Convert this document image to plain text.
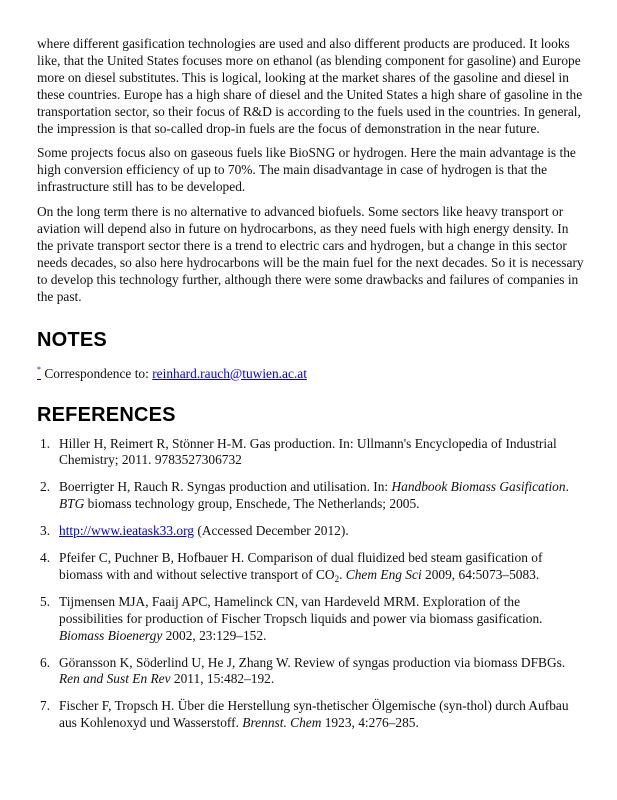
where different gasification technologies are used and also different products are produced. It looks like, that the United States focuses more on ethanol (as blending component for gasoline) and Europe more on diesel substitutes. This is logical, looking at the market shares of the gasoline and diesel in these countries. Europe has a high share of diesel and the United States a high share of gasoline in the transportation sector, so their focus of R&D is according to the fuels used in the countries. In general, the impression is that so-called drop-in fuels are the focus of demonstration in the near future.

Some projects focus also on gaseous fuels like BioSNG or hydrogen. Here the main advantage is the high conversion efficiency of up to 70%. The main disadvantage in case of hydrogen is that the infrastructure still has to be developed.

On the long term there is no alternative to advanced biofuels. Some sectors like heavy transport or aviation will depend also in future on hydrocarbons, as they need fuels with high energy density. In the private transport sector there is a trend to electric cars and hydrogen, but a change in this sector needs decades, so also here hydrocarbons will be the main fuel for the next decades. So it is necessary to develop this technology further, although there were some drawbacks and failures of companies in the past.

NOTES

* Correspondence to: reinhard.rauch@tuwien.ac.at

REFERENCES
1. Hiller H, Reimert R, Stönner H-M. Gas production. In: Ullmann's Encyclopedia of Industrial Chemistry; 2011. 9783527306732
2. Boerrigter H, Rauch R. Syngas production and utilisation. In: Handbook Biomass Gasification. BTG biomass technology group, Enschede, The Netherlands; 2005.
3. http://www.ieatask33.org (Accessed December 2012).
4. Pfeifer C, Puchner B, Hofbauer H. Comparison of dual fluidized bed steam gasification of biomass with and without selective transport of $CO_2$. Chem Eng Sci 2009, 64:5073–5083.
5. Tijmensen MJA, Faaij APC, Hamelinck CN, van Hardeveld MRM. Exploration of the possibilities for production of Fischer Tropsch liquids and power via biomass gasification. Biomass Bioenergy 2002, 23:129–152.
6. Göransson K, Söderlind U, He J, Zhang W. Review of syngas production via biomass DFBGs. Ren and Sust En Rev 2011, 15:482–192.
7. Fischer F, Tropsch H. Über die Herstellung syn-thetischer Ölgemische (syn-thol) durch Aufbau aus Kohlenoxyd und Wasserstoff. Brennst. Chem 1923, 4:276–285.
